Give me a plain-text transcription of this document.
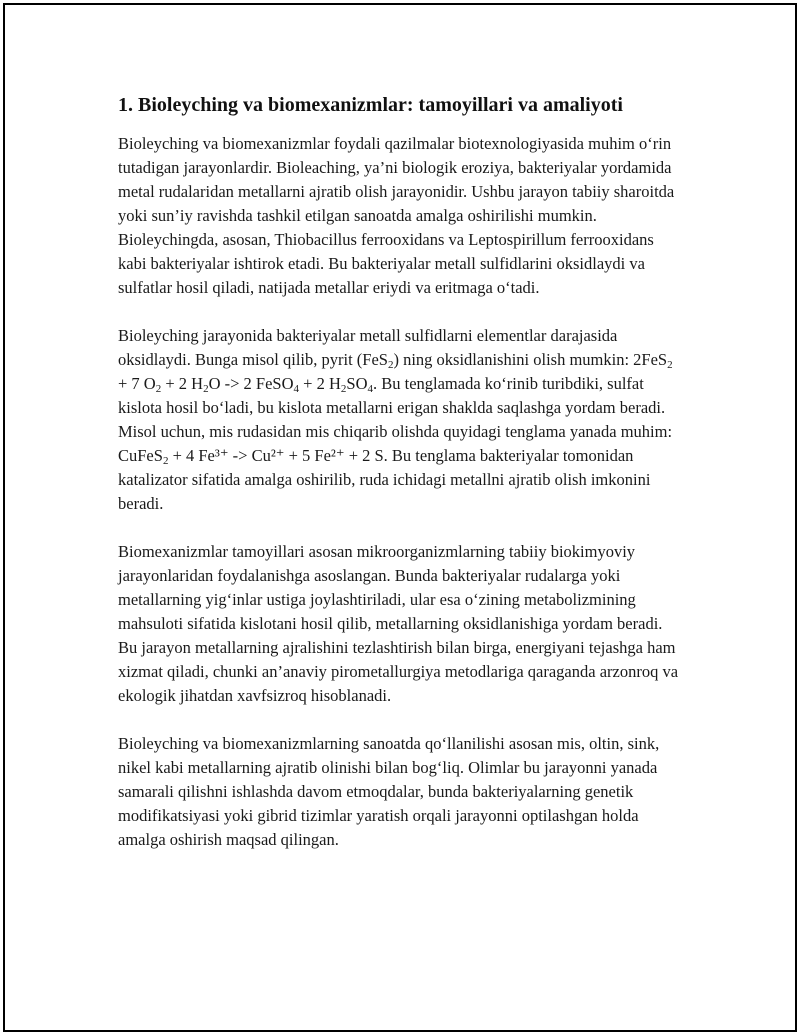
1. Bioleyching va biomexanizmlar: tamoyillari va amaliyoti

Bioleyching va biomexanizmlar foydali qazilmalar biotexnologiyasida muhim o‘rin tutadigan jarayonlardir. Bioleaching, ya’ni biologik eroziya, bakteriyalar yordamida metal rudalaridan metallarni ajratib olish jarayonidir. Ushbu jarayon tabiiy sharoitda yoki sun’iy ravishda tashkil etilgan sanoatda amalga oshirilishi mumkin. Bioleychingda, asosan, Thiobacillus ferrooxidans va Leptospirillum ferrooxidans kabi bakteriyalar ishtirok etadi. Bu bakteriyalar metall sulfidlarini oksidlaydi va sulfatlar hosil qiladi, natijada metallar eriydi va eritmaga o‘tadi.

Bioleyching jarayonida bakteriyalar metall sulfidlarni elementlar darajasida oksidlaydi. Bunga misol qilib, pyrit (FeS$_2$) ning oksidlanishini olish mumkin: 2FeS$_2$ + 7 $O_2 + 2$ $H_2O -> 2$ FeSO$_4$ + 2 $H_2SO_4$. Bu tenglamada ko‘rinib turibdiki, sulfat kislota hosil bo‘ladi, bu kislota metallarni erigan shaklda saqlashga yordam beradi. Misol uchun, mis rudasidan mis chiqarib olishda quyidagi tenglama yanada muhim: CuFeS$_2$ + 4 Fe³⁺ -> Cu²⁺ + 5 Fe²⁺ + 2 S. Bu tenglama bakteriyalar tomonidan katalizator sifatida amalga oshirilib, ruda ichidagi metallni ajratib olish imkonini beradi.

Biomexanizmlar tamoyillari asosan mikroorganizmlarning tabiiy biokimyoviy jarayonlaridan foydalanishga asoslangan. Bunda bakteriyalar rudalarga yoki metallarning yig‘inlar ustiga joylashtiriladi, ular esa o‘zining metabolizmining mahsuloti sifatida kislotani hosil qilib, metallarning oksidlanishiga yordam beradi. Bu jarayon metallarning ajralishini tezlashtirish bilan birga, energiyani tejashga ham xizmat qiladi, chunki an’anaviy pirometallurgiya metodlariga qaraganda arzonroq va ekologik jihatdan xavfsizroq hisoblanadi.

Bioleyching va biomexanizmlarning sanoatda qo‘llanilishi asosan mis, oltin, sink, nikel kabi metallarning ajratib olinishi bilan bog‘liq. Olimlar bu jarayonni yanada samarali qilishni ishlashda davom etmoqdalar, bunda bakteriyalarning genetik modifikatsiyasi yoki gibrid tizimlar yaratish orqali jarayonni optilashgan holda amalga oshirish maqsad qilingan.
